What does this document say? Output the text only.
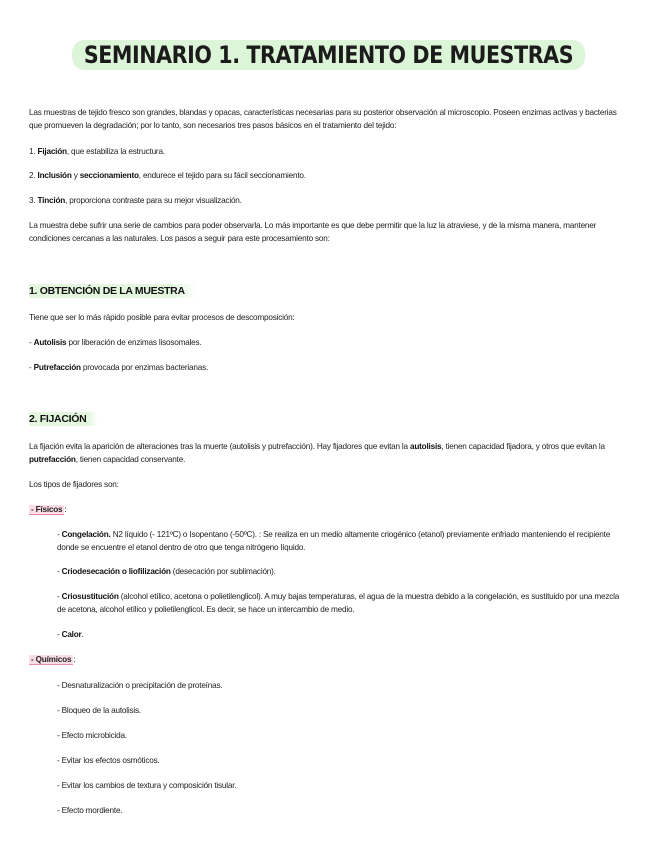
SEMINARIO 1. TRATAMIENTO DE MUESTRAS

Las muestras de tejido fresco son grandes, blandas y opacas, características necesarias para su posterior observación al microscopio. Poseen enzimas activas y bacterias que promueven la degradación; por lo tanto, son necesarios tres pasos básicos en el tratamiento del tejido:

1. Fijación, que estabiliza la estructura.
2. Inclusión y seccionamiento, endurece el tejido para su fácil seccionamiento.
3. Tinción, proporciona contraste para su mejor visualización.

La muestra debe sufrir una serie de cambios para poder observarla. Lo más importante es que debe permitir que la luz la atraviese, y de la misma manera, mantener condiciones cercanas a las naturales. Los pasos a seguir para este procesamiento son:

1. OBTENCIÓN DE LA MUESTRA

Tiene que ser lo más rápido posible para evitar procesos de descomposición:

- Autolisis por liberación de enzimas lisosomales.
- Putrefacción provocada por enzimas bacterianas.
2. FIJACIÓN

La fijación evita la aparición de alteraciones tras la muerte (autolisis y putrefacción). Hay fijadores que evitan la autolisis, tienen capacidad fijadora, y otros que evitan la putrefacción, tienen capacidad conservante.

Los tipos de fijadores son:

- Físicos :

- Congelación. N2 líquido (- 121ºC) o Isopentano (-50ºC). : Se realiza en un medio altamente criogénico (etanol) previamente enfriado manteniendo el recipiente donde se encuentre el etanol dentro de otro que tenga nitrógeno líquido.

- Criodesecación o liofilización (desecación por sublimación).

- Criosustitución (alcohol etílico, acetona o polietilenglicol). A muy bajas temperaturas, el agua de la muestra debido a la congelación, es sustituido por una mezcla de acetona, alcohol etílico y polietilenglicol. Es decir, se hace un intercambio de medio.

- Calor.

- Químicos :
- Desnaturalización o precipitación de proteínas.
- Bloqueo de la autolisis.
- Efecto microbicida.
- Evitar los efectos osmóticos.
- Evitar los cambios de textura y composición tisular.
- Efecto mordiente.
